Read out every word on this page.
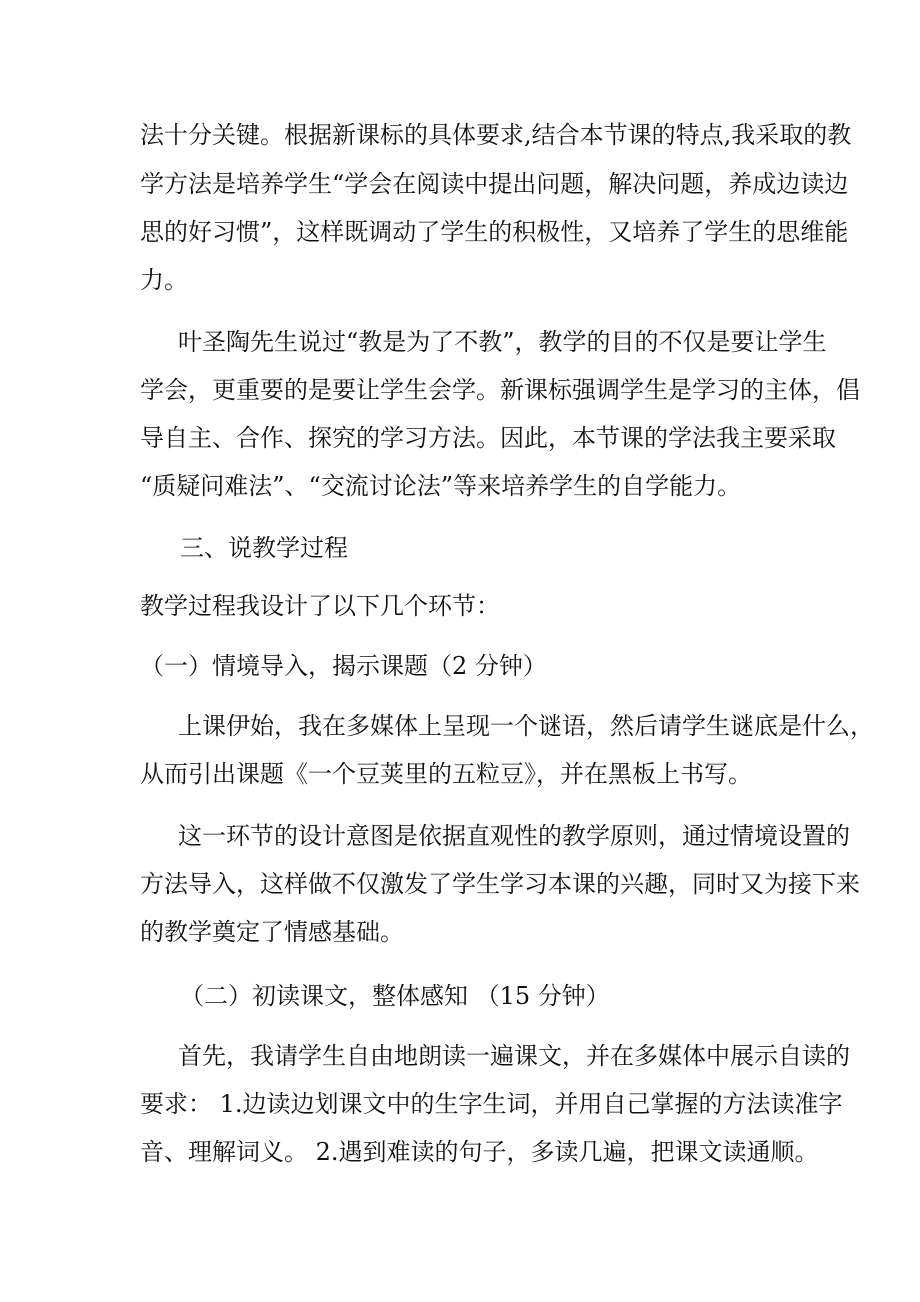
法十分关键。根据新课标的具体要求,结合本节课的特点,我采取的教
学方法是培养学生“学会在阅读中提出问题，解决问题，养成边读边
思的好习惯”，这样既调动了学生的积极性，又培养了学生的思维能
力。
叶圣陶先生说过“教是为了不教”，教学的目的不仅是要让学生
学会，更重要的是要让学生会学。新课标强调学生是学习的主体，倡
导自主、合作、探究的学习方法。因此，本节课的学法我主要采取
“质疑问难法”、“交流讨论法”等来培养学生的自学能力。
三、说教学过程
教学过程我设计了以下几个环节：
（一）情境导入，揭示课题（2 分钟）
上课伊始，我在多媒体上呈现一个谜语，然后请学生谜底是什么，
从而引出课题《一个豆荚里的五粒豆》，并在黑板上书写。
这一环节的设计意图是依据直观性的教学原则，通过情境设置的
方法导入，这样做不仅激发了学生学习本课的兴趣，同时又为接下来
的教学奠定了情感基础。
（二）初读课文，整体感知 （15 分钟）
首先，我请学生自由地朗读一遍课文，并在多媒体中展示自读的
要求： 1.边读边划课文中的生字生词，并用自己掌握的方法读准字
音、理解词义。 2.遇到难读的句子，多读几遍，把课文读通顺。
